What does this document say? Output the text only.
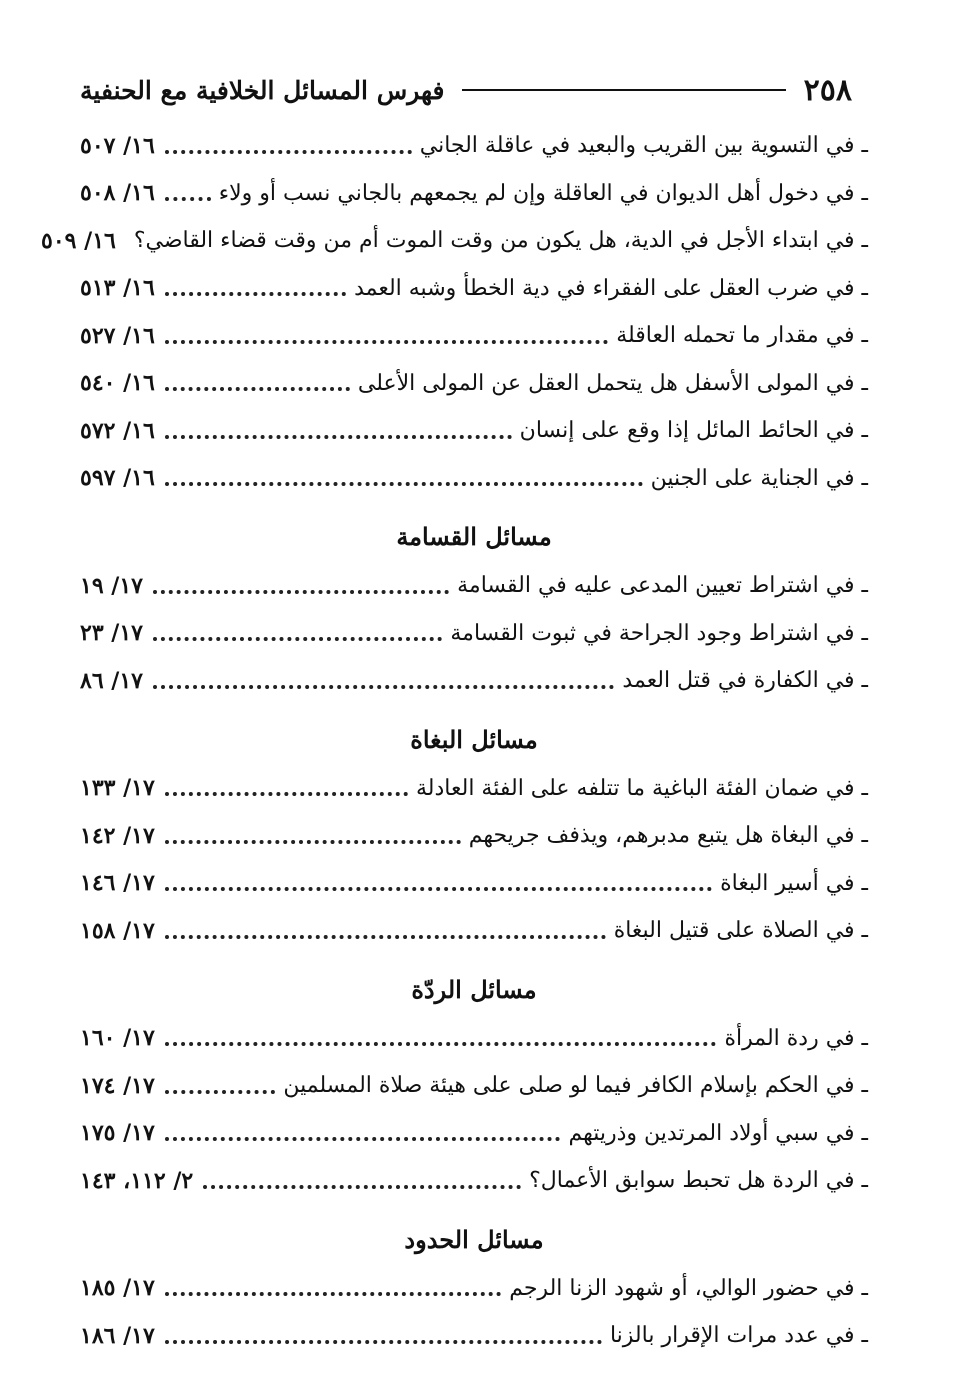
٢٥٨
فهرس المسائل الخلافية مع الحنفية
ـ في التسوية بين القريب والبعيد في عاقلة الجاني
١٦/ ٥٠٧
ـ في دخول أهل الديوان في العاقلة وإن لم يجمعهم بالجاني نسب أو ولاء
١٦/ ٥٠٨
ـ في ابتداء الأجل في الدية، هل يكون من وقت الموت أم من وقت قضاء القاضي؟
١٦/ ٥٠٩
ـ في ضرب العقل على الفقراء في دية الخطأ وشبه العمد
١٦/ ٥١٣
ـ في مقدار ما تحمله العاقلة
١٦/ ٥٢٧
ـ في المولى الأسفل هل يتحمل العقل عن المولى الأعلى
١٦/ ٥٤٠
ـ في الحائط المائل إذا وقع على إنسان
١٦/ ٥٧٢
ـ في الجناية على الجنين
١٦/ ٥٩٧
مسائل القسامة
ـ في اشتراط تعيين المدعى عليه في القسامة
١٧/ ١٩
ـ في اشتراط وجود الجراحة في ثبوت القسامة
١٧/ ٢٣
ـ في الكفارة في قتل العمد
١٧/ ٨٦
مسائل البغاة
ـ في ضمان الفئة الباغية ما تتلفه على الفئة العادلة
١٧/ ١٣٣
ـ في البغاة هل يتبع مدبرهم، ويذفف جريحهم
١٧/ ١٤٢
ـ في أسير البغاة
١٧/ ١٤٦
ـ في الصلاة على قتيل البغاة
١٧/ ١٥٨
مسائل الردّة
ـ في ردة المرأة
١٧/ ١٦٠
ـ في الحكم بإسلام الكافر فيما لو صلى على هيئة صلاة المسلمين
١٧/ ١٧٤
ـ في سبي أولاد المرتدين وذريتهم
١٧/ ١٧٥
ـ في الردة هل تحبط سوابق الأعمال؟
٢/ ١١٢، ١٤٣
مسائل الحدود
ـ في حضور الوالي، أو شهود الزنا الرجم
١٧/ ١٨٥
ـ في عدد مرات الإقرار بالزنا
١٧/ ١٨٦
